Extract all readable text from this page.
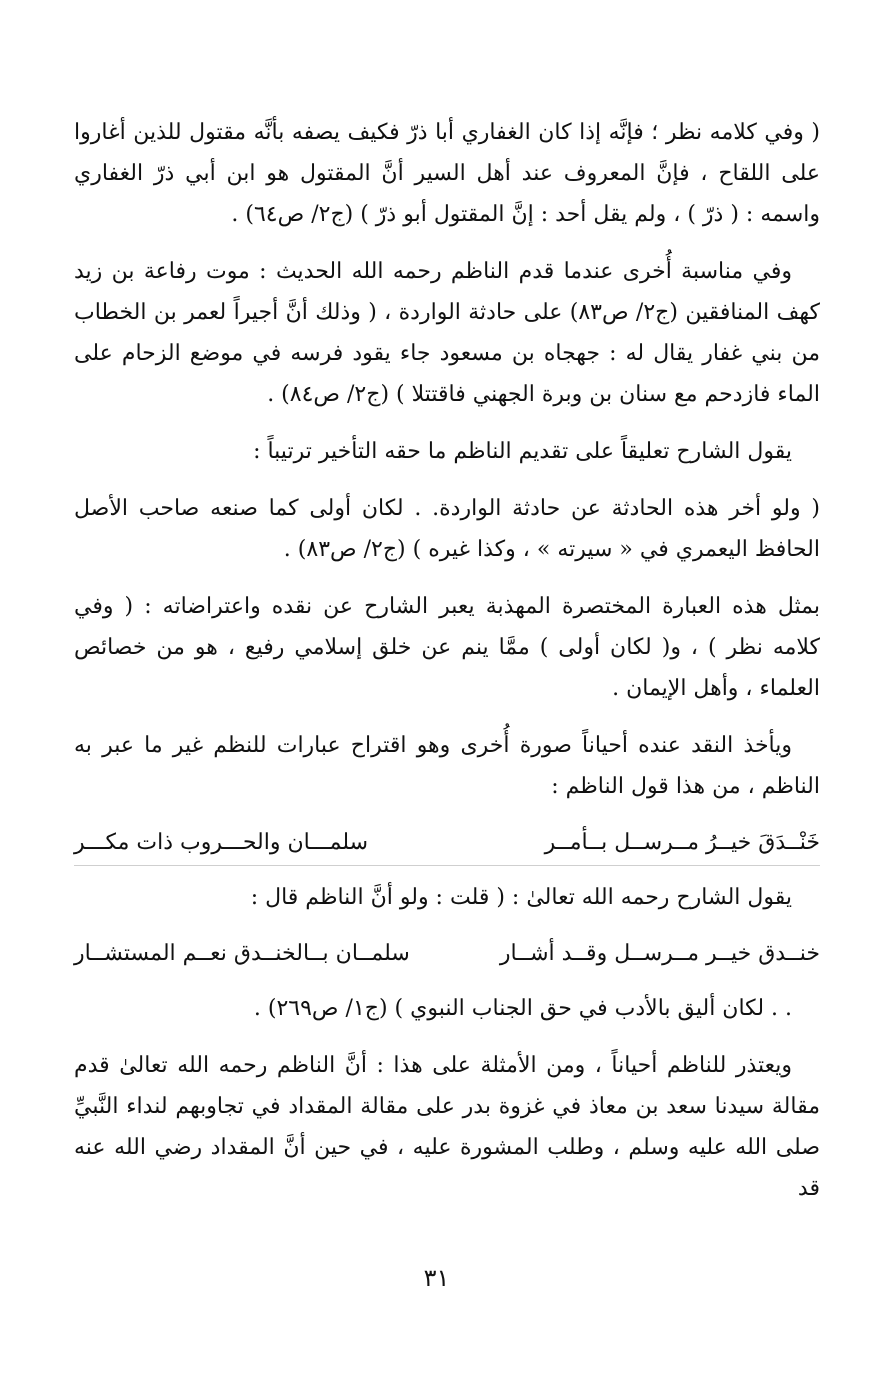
( وفي كلامه نظر ؛ فإنَّه إذا كان الغفاري أبا ذرّ فكيف يصفه بأنَّه مقتول للذين أغاروا على اللقاح ، فإنَّ المعروف عند أهل السير أنَّ المقتول هو ابن أبي ذرّ الغفاري واسمه : ( ذرّ ) ، ولم يقل أحد : إنَّ المقتول أبو ذرّ ) (ج٢/ ص٦٤) .

وفي مناسبة أُخرى عندما قدم الناظم رحمه الله الحديث : موت رفاعة بن زيد كهف المنافقين (ج٢/ ص٨٣) على حادثة الواردة ، ( وذلك أنَّ أجيراً لعمر بن الخطاب من بني غفار يقال له : جهجاه بن مسعود جاء يقود فرسه في موضع الزحام على الماء فازدحم مع سنان بن وبرة الجهني فاقتتلا ) (ج٢/ ص٨٤) .

يقول الشارح تعليقاً على تقديم الناظم ما حقه التأخير ترتيباً :

( ولو أخر هذه الحادثة عن حادثة الواردة. . لكان أولى كما صنعه صاحب الأصل الحافظ اليعمري في « سيرته » ، وكذا غيره ) (ج٢/ ص٨٣) .

بمثل هذه العبارة المختصرة المهذبة يعبر الشارح عن نقده واعتراضاته : ( وفي كلامه نظر ) ، و( لكان أولى ) ممَّا ينم عن خلق إسلامي رفيع ، هو من خصائص العلماء ، وأهل الإيمان .

ويأخذ النقد عنده أحياناً صورة أُخرى وهو اقتراح عبارات للنظم غير ما عبر به الناظم ، من هذا قول الناظم :

خَنْــدَقَ خيــرُ مــرســل بــأمــر
سلمـــان والحـــروب ذات مكـــر

يقول الشارح رحمه الله تعالىٰ : ( قلت : ولو أنَّ الناظم قال :

خنــدق خيــر مــرســل وقــد أشــار
سلمــان بــالخنــدق نعــم المستشــار

. . لكان أليق بالأدب في حق الجناب النبوي ) (ج١/ ص٢٦٩) .

ويعتذر للناظم أحياناً ، ومن الأمثلة على هذا : أنَّ الناظم رحمه الله تعالىٰ قدم مقالة سيدنا سعد بن معاذ في غزوة بدر على مقالة المقداد في تجاوبهم لنداء النَّبيِّ صلى الله عليه وسلم ، وطلب المشورة عليه ، في حين أنَّ المقداد رضي الله عنه قد

٣١
